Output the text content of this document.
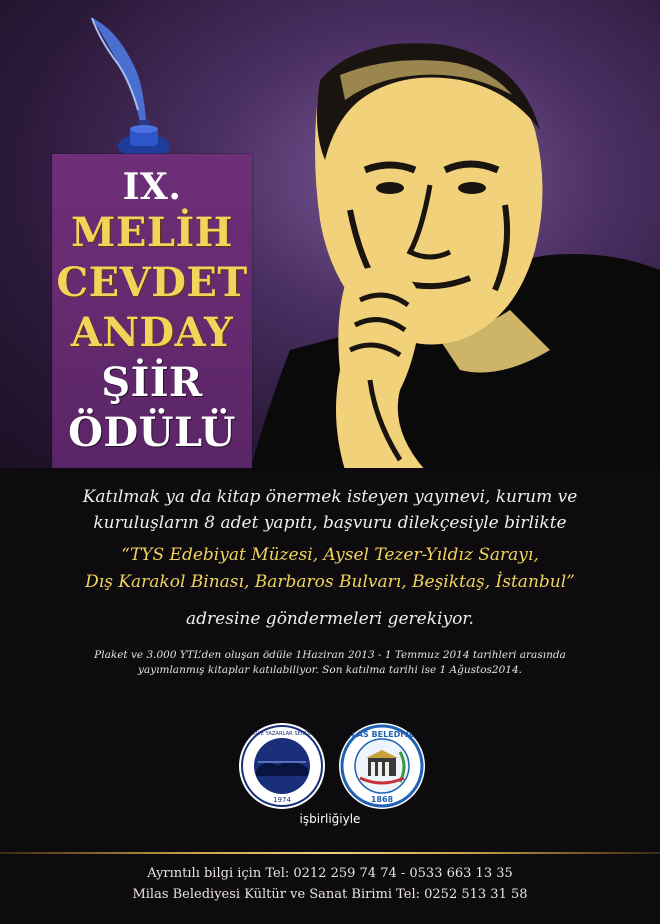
IX.
MELİH
CEVDET
ANDAY
ŞİİR
ÖDÜLÜ
Katılmak ya da kitap önermek isteyen yayınevi, kurum ve
kuruluşların 8 adet yapıtı, başvuru dilekçesiyle birlikte
“TYS Edebiyat Müzesi, Aysel Tezer-Yıldız Sarayı,
Dış Karakol Binası, Barbaros Bulvarı, Beşiktaş, İstanbul”
adresine göndermeleri gerekiyor.
Plaket ve 3.000 YTL’den oluşan ödüle 1Haziran 2013 - 1 Temmuz 2014 tarihleri arasında
yayımlanmış kitaplar katılabiliyor. Son katılma tarihi ise 1 Ağustos2014.
1974
TÜRKİYE YAZARLAR SENDİKASI MİLAS BELEDİYESİ
1868
işbirliğiyle
Ayrıntılı bilgi için Tel: 0212 259 74 74 - 0533 663 13 35
Milas Belediyesi Kültür ve Sanat Birimi Tel: 0252 513 31 58
